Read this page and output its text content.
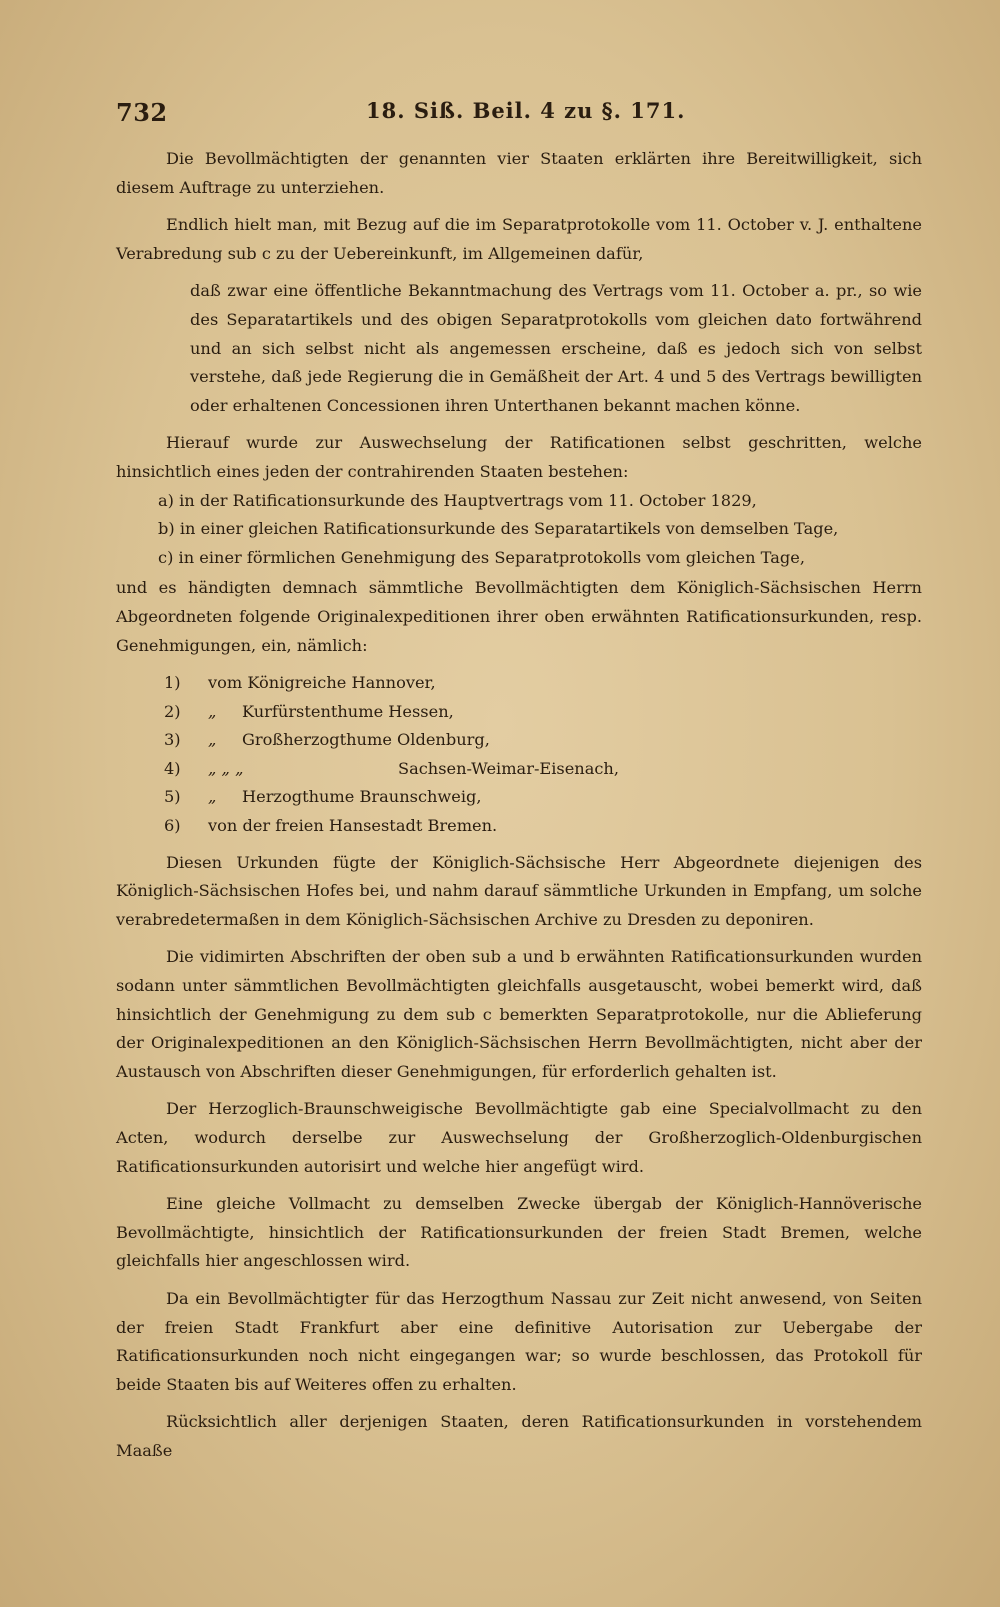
732	18. Siß. Beil. 4 zu §. 171.

Die Bevollmächtigten der genannten vier Staaten erklärten ihre Bereitwilligkeit, sich diesem Auftrage zu unterziehen.

Endlich hielt man, mit Bezug auf die im Separatprotokolle vom 11. October v. J. enthaltene Verabredung sub c zu der Uebereinkunft, im Allgemeinen dafür,

daß zwar eine öffentliche Bekanntmachung des Vertrags vom 11. October a. pr., so wie des Separatartikels und des obigen Separatprotokolls vom gleichen dato fortwährend und an sich selbst nicht als angemessen erscheine, daß es jedoch sich von selbst verstehe, daß jede Regierung die in Gemäßheit der Art. 4 und 5 des Vertrags bewilligten oder erhaltenen Concessionen ihren Unterthanen bekannt machen könne.

Hierauf wurde zur Auswechselung der Ratificationen selbst geschritten, welche hinsichtlich eines jeden der contrahirenden Staaten bestehen:

a) in der Ratificationsurkunde des Hauptvertrags vom 11. October 1829,
b) in einer gleichen Ratificationsurkunde des Separatartikels von demselben Tage,
c) in einer förmlichen Genehmigung des Separatprotokolls vom gleichen Tage,

und es händigten demnach sämmtliche Bevollmächtigten dem Königlich-Sächsischen Herrn Abgeordneten folgende Originalexpeditionen ihrer oben erwähnten Ratificationsurkunden, resp. Genehmigungen, ein, nämlich:

1)	vom Königreiche Hannover,
2)	„	Kurfürstenthume Hessen,
3)	„	Großherzogthume Oldenburg,
4)	„ „ „	Sachsen-Weimar-Eisenach,
5)	„	Herzogthume Braunschweig,
6)	von der freien Hansestadt Bremen.

Diesen Urkunden fügte der Königlich-Sächsische Herr Abgeordnete diejenigen des Königlich-Sächsischen Hofes bei, und nahm darauf sämmtliche Urkunden in Empfang, um solche verabredetermaßen in dem Königlich-Sächsischen Archive zu Dresden zu deponiren.

Die vidimirten Abschriften der oben sub a und b erwähnten Ratificationsurkunden wurden sodann unter sämmtlichen Bevollmächtigten gleichfalls ausgetauscht, wobei bemerkt wird, daß hinsichtlich der Genehmigung zu dem sub c bemerkten Separatprotokolle, nur die Ablieferung der Originalexpeditionen an den Königlich-Sächsischen Herrn Bevollmächtigten, nicht aber der Austausch von Abschriften dieser Genehmigungen, für erforderlich gehalten ist.

Der Herzoglich-Braunschweigische Bevollmächtigte gab eine Specialvollmacht zu den Acten, wodurch derselbe zur Auswechselung der Großherzoglich-Oldenburgischen Ratificationsurkunden autorisirt und welche hier angefügt wird.

Eine gleiche Vollmacht zu demselben Zwecke übergab der Königlich-Hannöverische Bevollmächtigte, hinsichtlich der Ratificationsurkunden der freien Stadt Bremen, welche gleichfalls hier angeschlossen wird.

Da ein Bevollmächtigter für das Herzogthum Nassau zur Zeit nicht anwesend, von Seiten der freien Stadt Frankfurt aber eine definitive Autorisation zur Uebergabe der Ratificationsurkunden noch nicht eingegangen war; so wurde beschlossen, das Protokoll für beide Staaten bis auf Weiteres offen zu erhalten.

Rücksichtlich aller derjenigen Staaten, deren Ratificationsurkunden in vorstehendem Maaße
